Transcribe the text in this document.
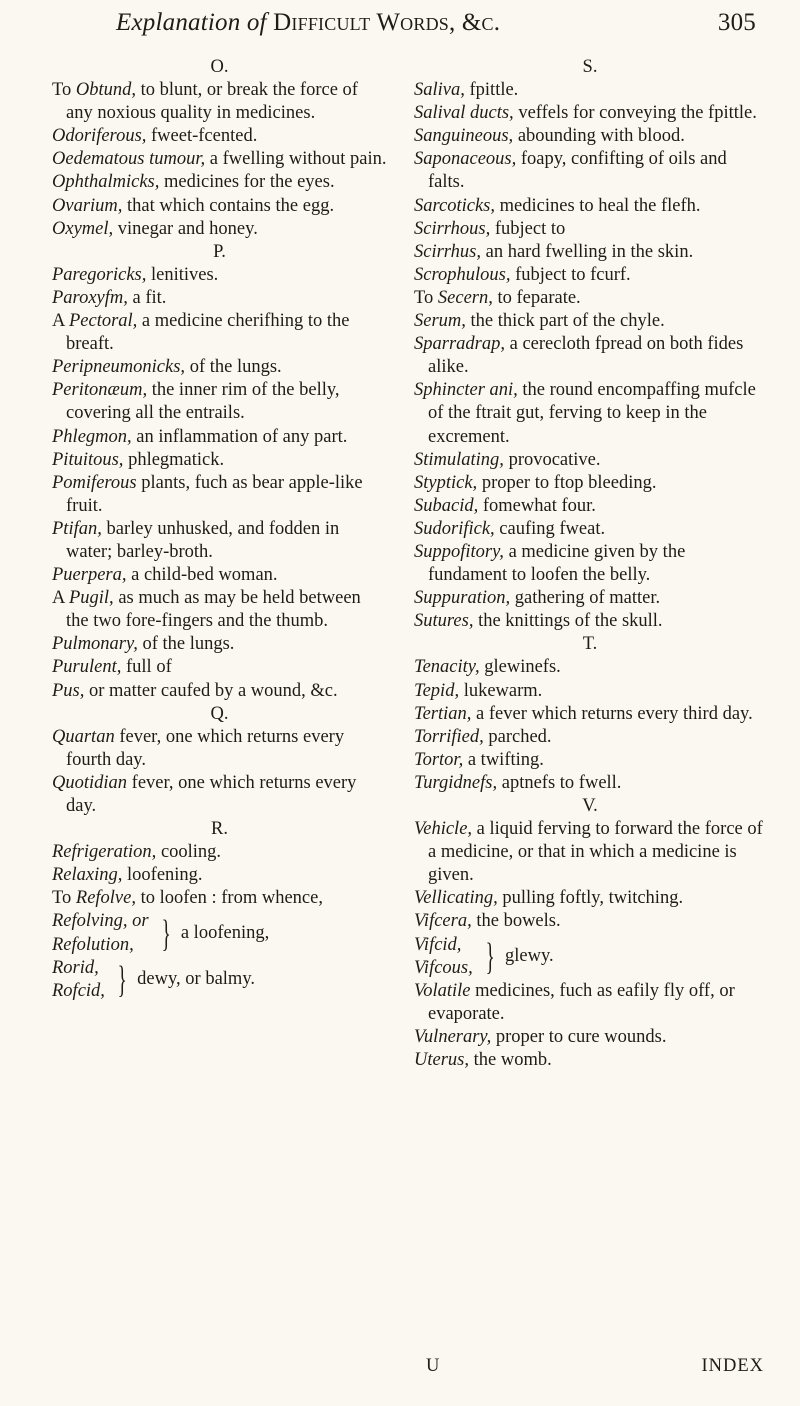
Explanation of Difficult Words, &c.	305

O.

To Obtund, to blunt, or break the force of any noxious quality in medicines.

Odoriferous, fweet-fcented.

Oedematous tumour, a fwelling without pain.

Ophthalmicks, medicines for the eyes.

Ovarium, that which contains the egg.

Oxymel, vinegar and honey.

P.

Paregoricks, lenitives.

Paroxyfm, a fit.

A Pectoral, a medicine cherifhing to the breaft.

Peripneumonicks, of the lungs.

Peritonæum, the inner rim of the belly, covering all the entrails.

Phlegmon, an inflammation of any part.

Pituitous, phlegmatick.

Pomiferous plants, fuch as bear apple-like fruit.

Ptifan, barley unhusked, and fodden in water; barley-broth.

Puerpera, a child-bed woman.

A Pugil, as much as may be held between the two fore-fingers and the thumb.

Pulmonary, of the lungs.

Purulent, full of

Pus, or matter caufed by a wound, &c.

Q.

Quartan fever, one which returns every fourth day.

Quotidian fever, one which returns every day.

R.

Refrigeration, cooling.

Relaxing, loofening.

To Refolve, to loofen : from whence,

Refolving, or
Refolution, } a loofening,
Rorid,
Rofcid, } dewy, or balmy.

S.

Saliva, fpittle.

Salival ducts, veffels for conveying the fpittle.

Sanguineous, abounding with blood.

Saponaceous, foapy, confifting of oils and falts.

Sarcoticks, medicines to heal the flefh.

Scirrhous, fubject to

Scirrhus, an hard fwelling in the skin.

Scrophulous, fubject to fcurf.

To Secern, to feparate.

Serum, the thick part of the chyle.

Sparradrap, a cerecloth fpread on both fides alike.

Sphincter ani, the round encompaffing mufcle of the ftrait gut, ferving to keep in the excrement.

Stimulating, provocative.

Styptick, proper to ftop bleeding.

Subacid, fomewhat four.

Sudorifick, caufing fweat.

Suppofitory, a medicine given by the fundament to loofen the belly.

Suppuration, gathering of matter.

Sutures, the knittings of the skull.

T.

Tenacity, glewinefs.

Tepid, lukewarm.

Tertian, a fever which returns every third day.

Torrified, parched.

Tortor, a twifting.

Turgidnefs, aptnefs to fwell.

V.

Vehicle, a liquid ferving to forward the force of a medicine, or that in which a medicine is given.

Vellicating, pulling foftly, twitching.

Vifcera, the bowels.

Vifcid,
Vifcous, } glewy.

Volatile medicines, fuch as eafily fly off, or evaporate.

Vulnerary, proper to cure wounds.

Uterus, the womb.

U	INDEX
